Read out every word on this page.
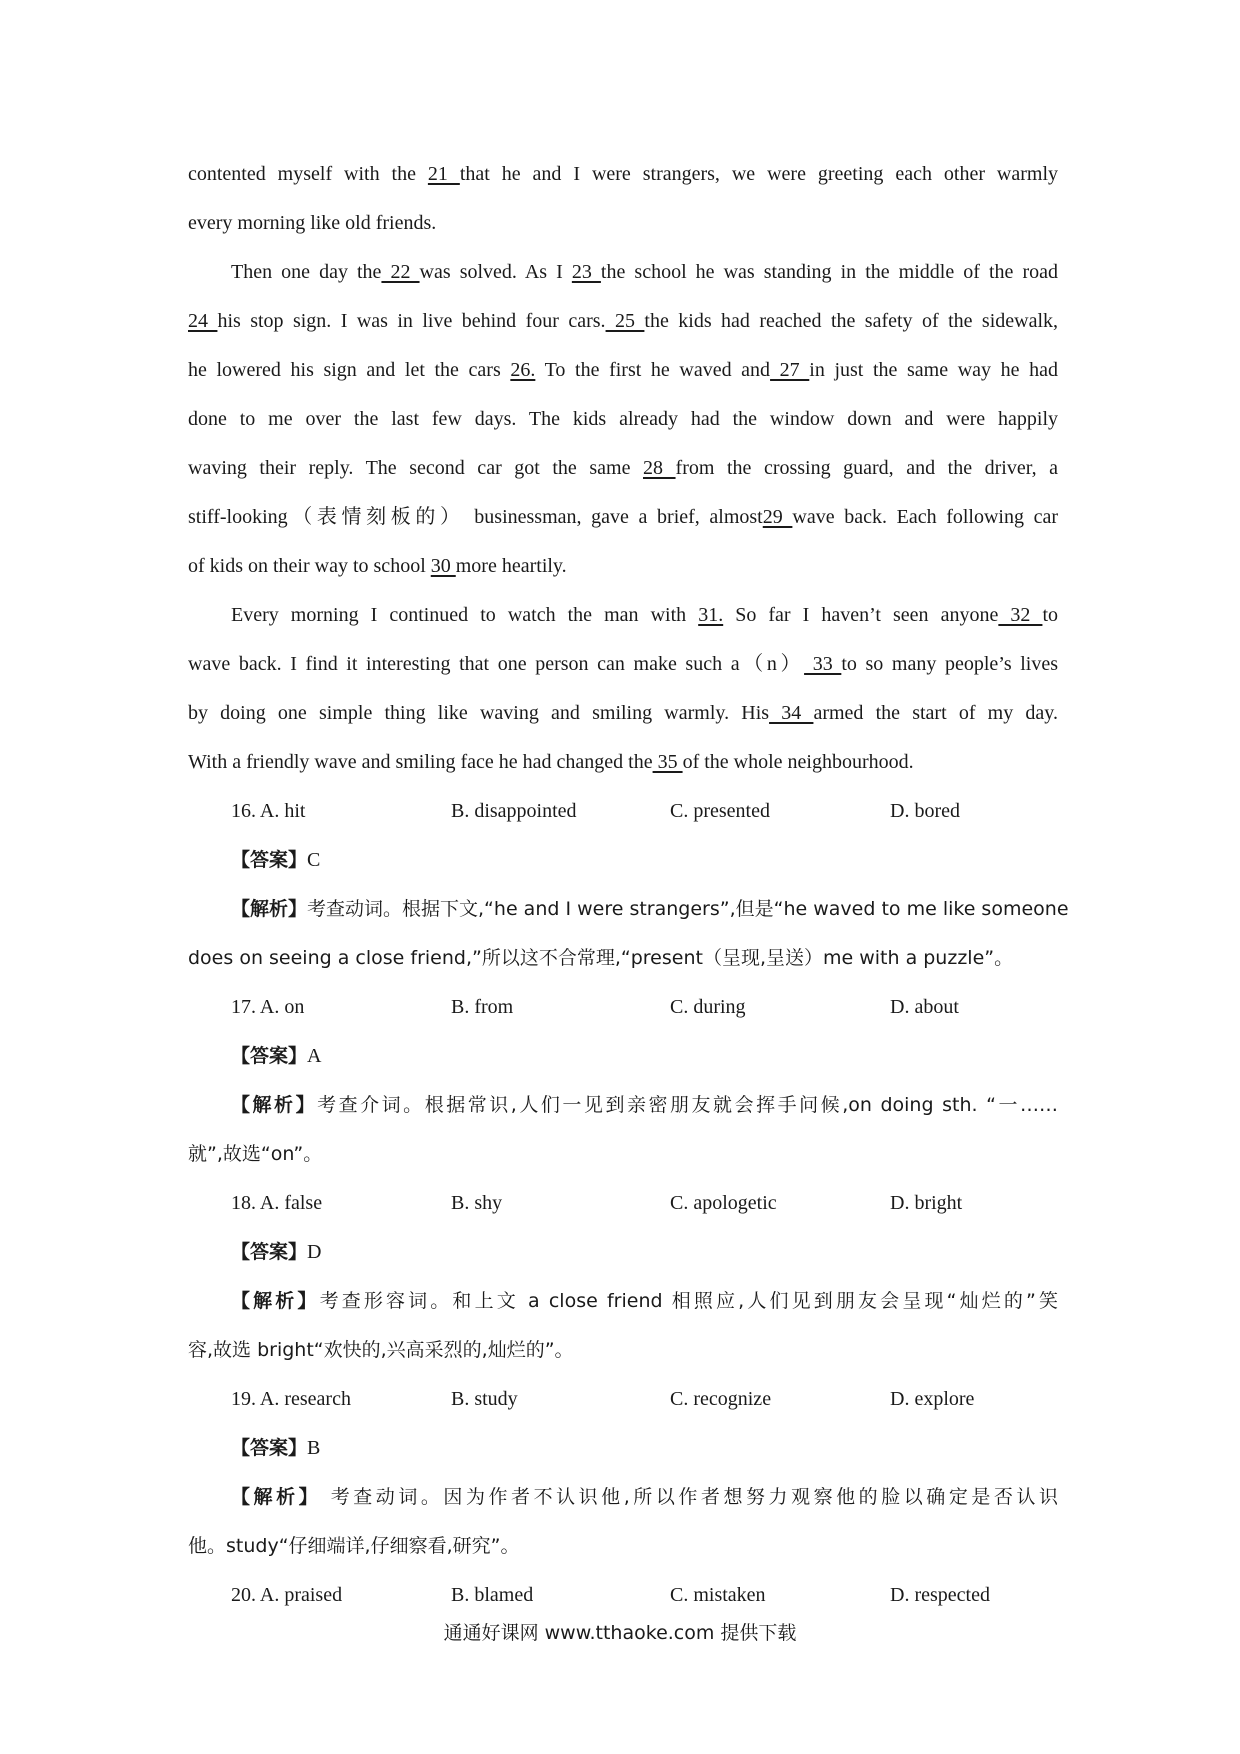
contented myself with the 21 that he and I were strangers, we were greeting each other warmly
every morning like old friends.
Then one day the 22 was solved. As I 23 the school he was standing in the middle of the road
24 his stop sign. I was in live behind four cars. 25 the kids had reached the safety of the sidewalk,
he lowered his sign and let the cars 26. To the first he waved and 27 in just the same way he had
done to me over the last few days. The kids already had the window down and were happily
waving their reply. The second car got the same 28 from the crossing guard, and the driver, a
stiff-looking（表情刻板的） businessman, gave a brief, almost29 wave back. Each following car
of kids on their way to school 30 more heartily.
Every morning I continued to watch the man with 31. So far I haven’t seen anyone 32 to
wave back. I find it interesting that one person can make such a（n） 33 to so many people’s lives
by doing one simple thing like waving and smiling warmly. His 34 armed the start of my day.
With a friendly wave and smiling face he had changed the 35 of the whole neighbourhood.
16. A. hit	B. disappointed	C. presented	D. bored
【答案】C
【解析】考查动词。根据下文,“he and I were strangers”,但是“he waved to me like someone
does on seeing a close friend,”所以这不合常理,“present（呈现,呈送）me with a puzzle”。
17. A. on	B. from	C. during	D. about
【答案】A
【解析】考查介词。根据常识,人们一见到亲密朋友就会挥手问候,on doing sth. “一……
就”,故选“on”。
18. A. false	B. shy	C. apologetic	D. bright
【答案】D
【解析】考查形容词。和上文 a close friend 相照应,人们见到朋友会呈现“灿烂的”笑
容,故选 bright“欢快的,兴高采烈的,灿烂的”。
19. A. research	B. study	C. recognize	D. explore
【答案】B
【解析】 考查动词。因为作者不认识他,所以作者想努力观察他的脸以确定是否认识
他。study“仔细端详,仔细察看,研究”。
20. A. praised	B. blamed	C. mistaken	D. respected
通通好课网 www.tthaoke.com 提供下载
